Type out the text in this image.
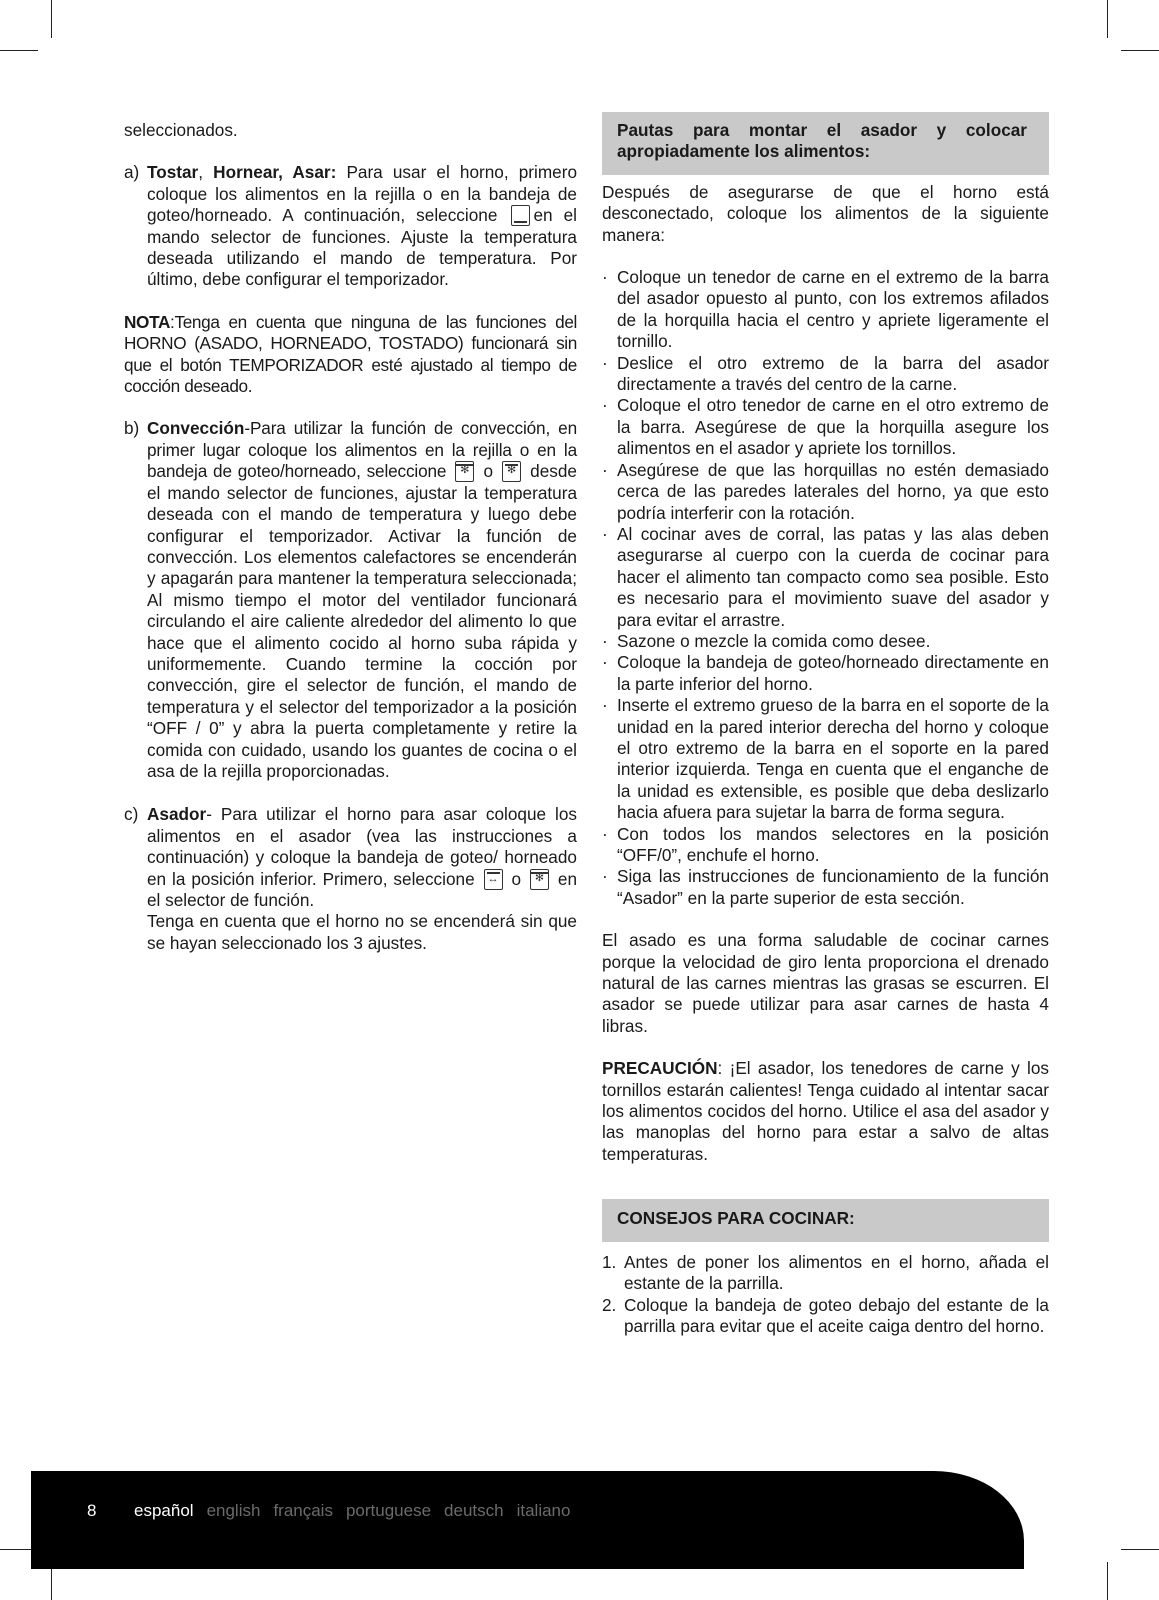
seleccionados.

a) Tostar, Hornear, Asar: Para usar el horno, primero coloque los alimentos en la rejilla o en la bandeja de goteo/horneado. A continuación, seleccione en el mando selector de funciones. Ajuste la temperatura deseada utilizando el mando de temperatura. Por último, debe configurar el temporizador.

NOTA:Tenga en cuenta que ninguna de las funciones del HORNO (ASADO, HORNEADO, TOSTADO) funcionará sin que el botón TEMPORIZADOR esté ajustado al tiempo de cocción deseado.

b) Convección-Para utilizar la función de convección, en primer lugar coloque los alimentos en la rejilla o en la bandeja de goteo/horneado, seleccione ✻ o ✻ desde el mando selector de funciones, ajustar la temperatura deseada con el mando de temperatura y luego debe configurar el temporizador. Activar la función de convección. Los elementos calefactores se encenderán y apagarán para mantener la temperatura seleccionada; Al mismo tiempo el motor del ventilador funcionará circulando el aire caliente alrededor del alimento lo que hace que el alimento cocido al horno suba rápida y uniformemente. Cuando termine la cocción por convección, gire el selector de función, el mando de temperatura y el selector del temporizador a la posición “OFF / 0” y abra la puerta completamente y retire la comida con cuidado, usando los guantes de cocina o el asa de la rejilla proporcionadas.

c) Asador- Para utilizar el horno para asar coloque los alimentos en el asador (vea las instrucciones a continuación) y coloque la bandeja de goteo/ horneado en la posición inferior. Primero, seleccione ↔ o ✻ en el selector de función.

Tenga en cuenta que el horno no se encenderá sin que se hayan seleccionado los 3 ajustes.

Pautas para montar el asador y colocar apropiadamente los alimentos:

Después de asegurarse de que el horno está desconectado, coloque los alimentos de la siguiente manera:

· Coloque un tenedor de carne en el extremo de la barra del asador opuesto al punto, con los extremos afilados de la horquilla hacia el centro y apriete ligeramente el tornillo.
· Deslice el otro extremo de la barra del asador directamente a través del centro de la carne.
· Coloque el otro tenedor de carne en el otro extremo de la barra. Asegúrese de que la horquilla asegure los alimentos en el asador y apriete los tornillos.
· Asegúrese de que las horquillas no estén demasiado cerca de las paredes laterales del horno, ya que esto podría interferir con la rotación.
· Al cocinar aves de corral, las patas y las alas deben asegurarse al cuerpo con la cuerda de cocinar para hacer el alimento tan compacto como sea posible. Esto es necesario para el movimiento suave del asador y para evitar el arrastre.
· Sazone o mezcle la comida como desee.
· Coloque la bandeja de goteo/horneado directamente en la parte inferior del horno.
· Inserte el extremo grueso de la barra en el soporte de la unidad en la pared interior derecha del horno y coloque el otro extremo de la barra en el soporte en la pared interior izquierda. Tenga en cuenta que el enganche de la unidad es extensible, es posible que deba deslizarlo hacia afuera para sujetar la barra de forma segura.
· Con todos los mandos selectores en la posición “OFF/0”, enchufe el horno.
· Siga las instrucciones de funcionamiento de la función “Asador” en la parte superior de esta sección.

El asado es una forma saludable de cocinar carnes porque la velocidad de giro lenta proporciona el drenado natural de las carnes mientras las grasas se escurren. El asador se puede utilizar para asar carnes de hasta 4 libras.

PRECAUCIÓN: ¡El asador, los tenedores de carne y los tornillos estarán calientes! Tenga cuidado al intentar sacar los alimentos cocidos del horno. Utilice el asa del asador y las manoplas del horno para estar a salvo de altas temperaturas.

CONSEJOS PARA COCINAR:
1. Antes de poner los alimentos en el horno, añada el estante de la parrilla.
2. Coloque la bandeja de goteo debajo del estante de la parrilla para evitar que el aceite caiga dentro del horno.
8 español english français portuguese deutsch italiano
